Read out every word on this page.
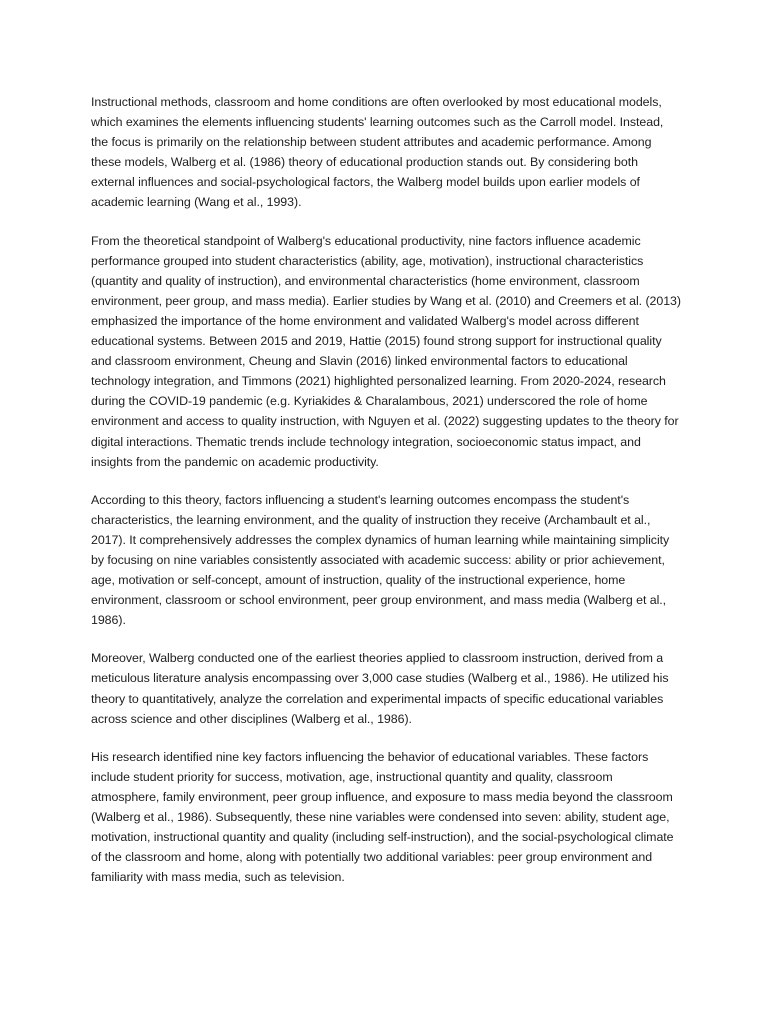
Instructional methods, classroom and home conditions are often overlooked by most educational models, which examines the elements influencing students' learning outcomes such as the Carroll model. Instead, the focus is primarily on the relationship between student attributes and academic performance. Among these models, Walberg et al. (1986) theory of educational production stands out. By considering both external influences and social-psychological factors, the Walberg model builds upon earlier models of academic learning (Wang et al., 1993).

From the theoretical standpoint of Walberg's educational productivity, nine factors influence academic performance grouped into student characteristics (ability, age, motivation), instructional characteristics (quantity and quality of instruction), and environmental characteristics (home environment, classroom environment, peer group, and mass media). Earlier studies by Wang et al. (2010) and Creemers et al. (2013) emphasized the importance of the home environment and validated Walberg's model across different educational systems. Between 2015 and 2019, Hattie (2015) found strong support for instructional quality and classroom environment, Cheung and Slavin (2016) linked environmental factors to educational technology integration, and Timmons (2021) highlighted personalized learning. From 2020-2024, research during the COVID-19 pandemic (e.g. Kyriakides & Charalambous, 2021) underscored the role of home environment and access to quality instruction, with Nguyen et al. (2022) suggesting updates to the theory for digital interactions. Thematic trends include technology integration, socioeconomic status impact, and insights from the pandemic on academic productivity.

According to this theory, factors influencing a student's learning outcomes encompass the student's characteristics, the learning environment, and the quality of instruction they receive (Archambault et al., 2017). It comprehensively addresses the complex dynamics of human learning while maintaining simplicity by focusing on nine variables consistently associated with academic success: ability or prior achievement, age, motivation or self-concept, amount of instruction, quality of the instructional experience, home environment, classroom or school environment, peer group environment, and mass media (Walberg et al., 1986).

Moreover, Walberg conducted one of the earliest theories applied to classroom instruction, derived from a meticulous literature analysis encompassing over 3,000 case studies (Walberg et al., 1986). He utilized his theory to quantitatively, analyze the correlation and experimental impacts of specific educational variables across science and other disciplines (Walberg et al., 1986).

His research identified nine key factors influencing the behavior of educational variables. These factors include student priority for success, motivation, age, instructional quantity and quality, classroom atmosphere, family environment, peer group influence, and exposure to mass media beyond the classroom (Walberg et al., 1986). Subsequently, these nine variables were condensed into seven: ability, student age, motivation, instructional quantity and quality (including self-instruction), and the social-psychological climate of the classroom and home, along with potentially two additional variables: peer group environment and familiarity with mass media, such as television.
